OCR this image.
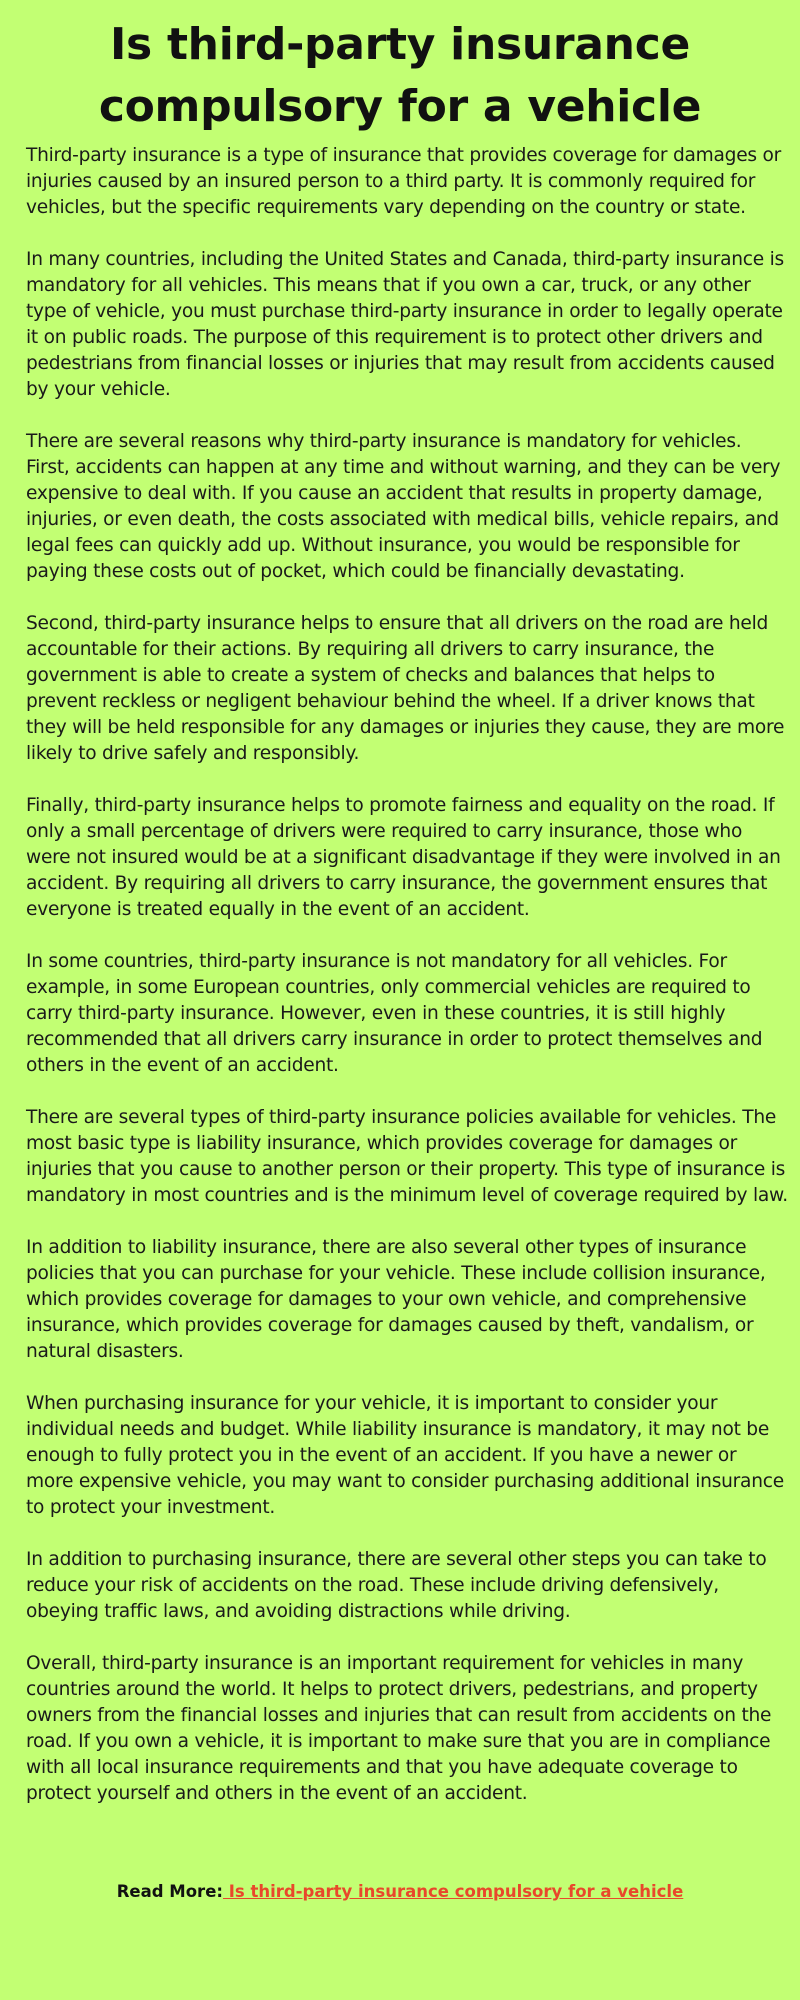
Is third-party insurance compulsory for a vehicle

Third-party insurance is a type of insurance that provides coverage for damages or injuries caused by an insured person to a third party. It is commonly required for vehicles, but the specific requirements vary depending on the country or state.

In many countries, including the United States and Canada, third-party insurance is mandatory for all vehicles. This means that if you own a car, truck, or any other type of vehicle, you must purchase third-party insurance in order to legally operate it on public roads. The purpose of this requirement is to protect other drivers and pedestrians from financial losses or injuries that may result from accidents caused by your vehicle.

There are several reasons why third-party insurance is mandatory for vehicles. First, accidents can happen at any time and without warning, and they can be very expensive to deal with. If you cause an accident that results in property damage, injuries, or even death, the costs associated with medical bills, vehicle repairs, and legal fees can quickly add up. Without insurance, you would be responsible for paying these costs out of pocket, which could be financially devastating.

Second, third-party insurance helps to ensure that all drivers on the road are held accountable for their actions. By requiring all drivers to carry insurance, the government is able to create a system of checks and balances that helps to prevent reckless or negligent behaviour behind the wheel. If a driver knows that they will be held responsible for any damages or injuries they cause, they are more likely to drive safely and responsibly.

Finally, third-party insurance helps to promote fairness and equality on the road. If only a small percentage of drivers were required to carry insurance, those who were not insured would be at a significant disadvantage if they were involved in an accident. By requiring all drivers to carry insurance, the government ensures that everyone is treated equally in the event of an accident.

In some countries, third-party insurance is not mandatory for all vehicles. For example, in some European countries, only commercial vehicles are required to carry third-party insurance. However, even in these countries, it is still highly recommended that all drivers carry insurance in order to protect themselves and others in the event of an accident.

There are several types of third-party insurance policies available for vehicles. The most basic type is liability insurance, which provides coverage for damages or injuries that you cause to another person or their property. This type of insurance is mandatory in most countries and is the minimum level of coverage required by law.

In addition to liability insurance, there are also several other types of insurance policies that you can purchase for your vehicle. These include collision insurance, which provides coverage for damages to your own vehicle, and comprehensive insurance, which provides coverage for damages caused by theft, vandalism, or natural disasters.

When purchasing insurance for your vehicle, it is important to consider your individual needs and budget. While liability insurance is mandatory, it may not be enough to fully protect you in the event of an accident. If you have a newer or more expensive vehicle, you may want to consider purchasing additional insurance to protect your investment.

In addition to purchasing insurance, there are several other steps you can take to reduce your risk of accidents on the road. These include driving defensively, obeying traffic laws, and avoiding distractions while driving.

Overall, third-party insurance is an important requirement for vehicles in many countries around the world. It helps to protect drivers, pedestrians, and property owners from the financial losses and injuries that can result from accidents on the road. If you own a vehicle, it is important to make sure that you are in compliance with all local insurance requirements and that you have adequate coverage to protect yourself and others in the event of an accident.

Read More: Is third-party insurance compulsory for a vehicle
